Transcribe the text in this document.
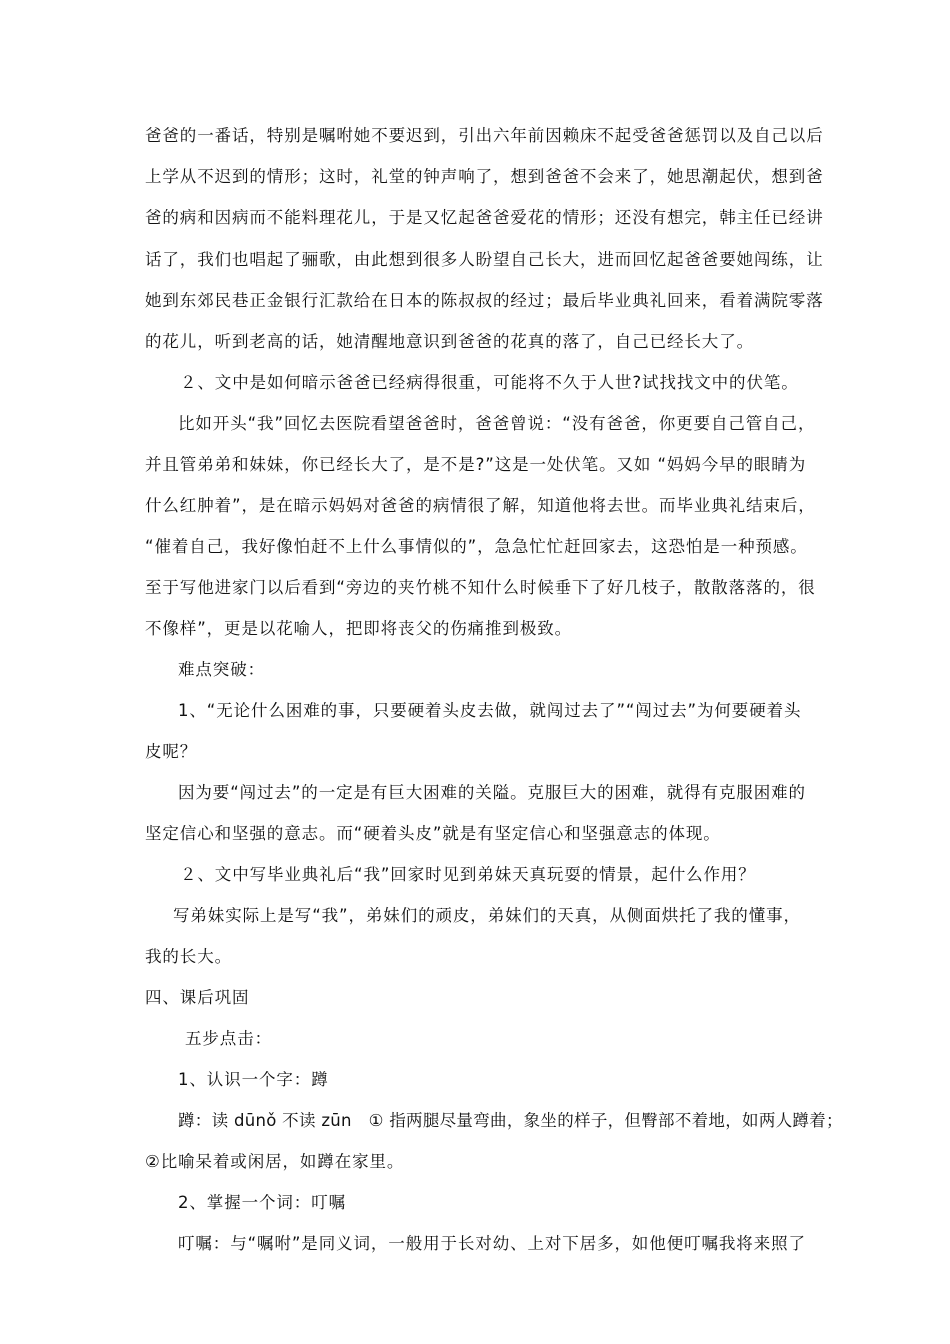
爸爸的一番话，特别是嘱咐她不要迟到，引出六年前因赖床不起受爸爸惩罚以及自己以后
上学从不迟到的情形；这时，礼堂的钟声响了，想到爸爸不会来了，她思潮起伏，想到爸
爸的病和因病而不能料理花儿，于是又忆起爸爸爱花的情形；还没有想完，韩主任已经讲
话了，我们也唱起了骊歌，由此想到很多人盼望自己长大，进而回忆起爸爸要她闯练，让
她到东郊民巷正金银行汇款给在日本的陈叔叔的经过；最后毕业典礼回来，看着满院零落
的花儿，听到老高的话，她清醒地意识到爸爸的花真的落了，自己已经长大了。
２、文中是如何暗示爸爸已经病得很重，可能将不久于人世?试找找文中的伏笔。
比如开头“我”回忆去医院看望爸爸时，爸爸曾说：“没有爸爸，你更要自己管自己，
并且管弟弟和妹妹，你已经长大了，是不是?”这是一处伏笔。又如 “妈妈今早的眼睛为
什么红肿着”，是在暗示妈妈对爸爸的病情很了解，知道他将去世。而毕业典礼结束后，
“催着自己，我好像怕赶不上什么事情似的”，急急忙忙赶回家去，这恐怕是一种预感。
至于写他进家门以后看到“旁边的夹竹桃不知什么时候垂下了好几枝子，散散落落的，很
不像样”，更是以花喻人，把即将丧父的伤痛推到极致。
难点突破：
1、“无论什么困难的事，只要硬着头皮去做，就闯过去了”“闯过去”为何要硬着头
皮呢？
因为要“闯过去”的一定是有巨大困难的关隘。克服巨大的困难，就得有克服困难的
坚定信心和坚强的意志。而“硬着头皮”就是有坚定信心和坚强意志的体现。
２、文中写毕业典礼后“我”回家时见到弟妹天真玩耍的情景，起什么作用？
写弟妹实际上是写“我”，弟妹们的顽皮，弟妹们的天真，从侧面烘托了我的懂事，
我的长大。
四、课后巩固
五步点击：
1、认识一个字：蹲
蹲：读 dūnǒ 不读 zūn　① 指两腿尽量弯曲，象坐的样子，但臀部不着地，如两人蹲着；
②比喻呆着或闲居，如蹲在家里。
2、掌握一个词：叮嘱
叮嘱：与“嘱咐”是同义词，一般用于长对幼、上对下居多，如他便叮嘱我将来照了
